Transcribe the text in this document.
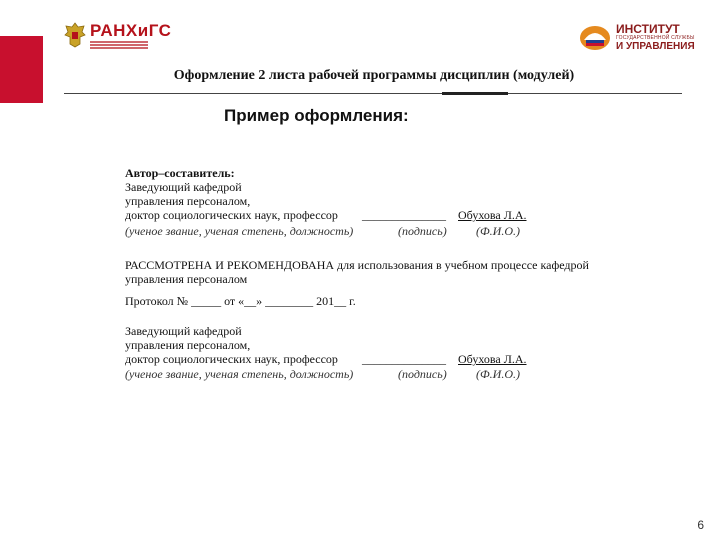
РАНХиГС	ИНСТИТУТ
ГОСУДАРСТВЕННОЙ СЛУЖБЫ
И УПРАВЛЕНИЯ
Оформление 2 листа рабочей программы дисциплин (модулей)
Пример оформления:
Автор–составитель:
Заведующий кафедрой
управления персоналом,
доктор социологических наук, профессор ______________ Обухова Л.А.
(ученое звание, ученая степень, должность)	(подпись) (Ф.И.О.)
РАССМОТРЕНА И РЕКОМЕНДОВАНА для использования в учебном процессе кафедрой
управления персоналом
Протокол № _____ от «__» ________ 201__ г.
Заведующий кафедрой
управления персоналом,
доктор социологических наук, профессор ______________ Обухова Л.А.
(ученое звание, ученая степень, должность)	(подпись) (Ф.И.О.)
6
